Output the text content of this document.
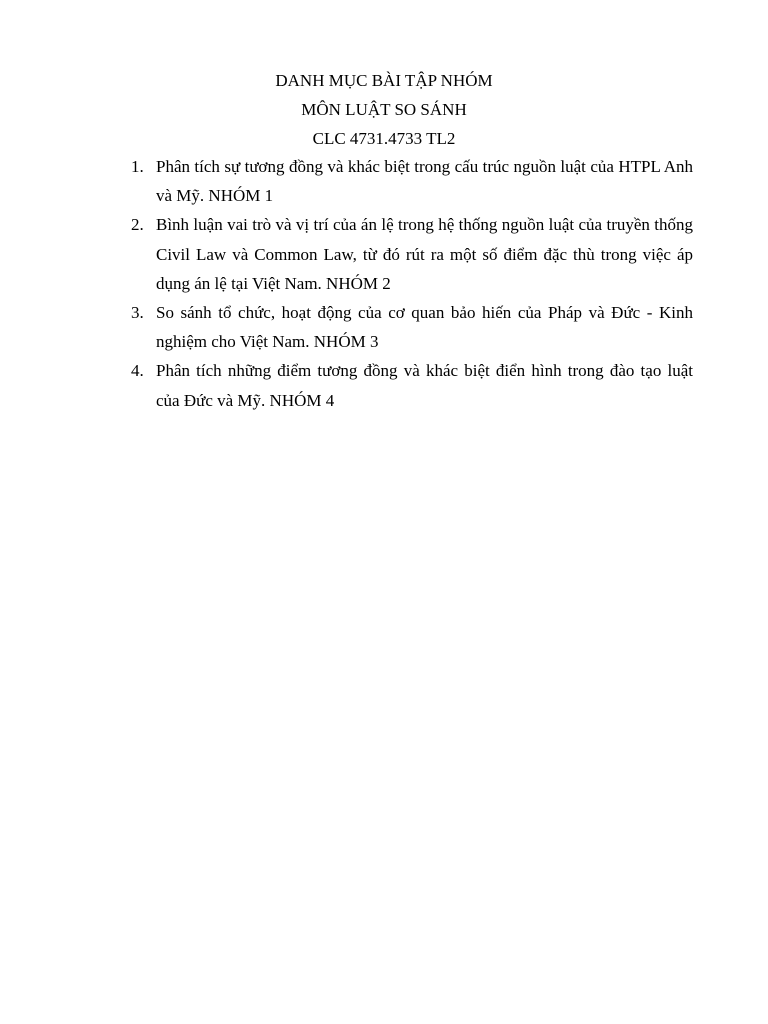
DANH MỤC BÀI TẬP NHÓM
MÔN LUẬT SO SÁNH
CLC 4731.4733 TL2
1. Phân tích sự tương đồng và khác biệt trong cấu trúc nguồn luật của HTPL Anh và Mỹ. NHÓM 1
2. Bình luận vai trò và vị trí của án lệ trong hệ thống nguồn luật của truyền thống Civil Law và Common Law, từ đó rút ra một số điểm đặc thù trong việc áp dụng án lệ tại Việt Nam. NHÓM 2
3. So sánh tổ chức, hoạt động của cơ quan bảo hiến của Pháp và Đức - Kinh nghiệm cho Việt Nam. NHÓM 3
4. Phân tích những điểm tương đồng và khác biệt điển hình trong đào tạo luật của Đức và Mỹ. NHÓM 4
